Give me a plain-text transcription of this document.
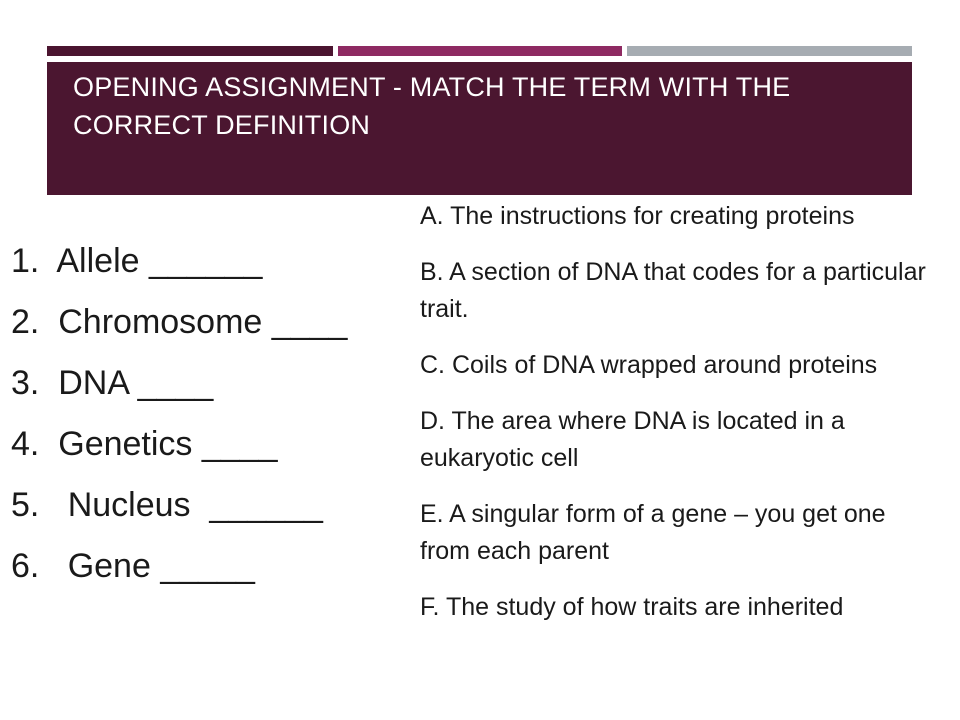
OPENING ASSIGNMENT - MATCH THE TERM WITH THE CORRECT DEFINITION
1.  Allele ______
2.  Chromosome ____
3.  DNA ____
4.  Genetics ____
5.   Nucleus  ______
6.   Gene _____
A. The instructions for creating proteins
B. A section of DNA that codes for a particular trait.
C. Coils of DNA wrapped around proteins
D. The area where DNA is located in a eukaryotic cell
E. A singular form of a gene – you get one from each parent
F. The study of how traits are inherited
